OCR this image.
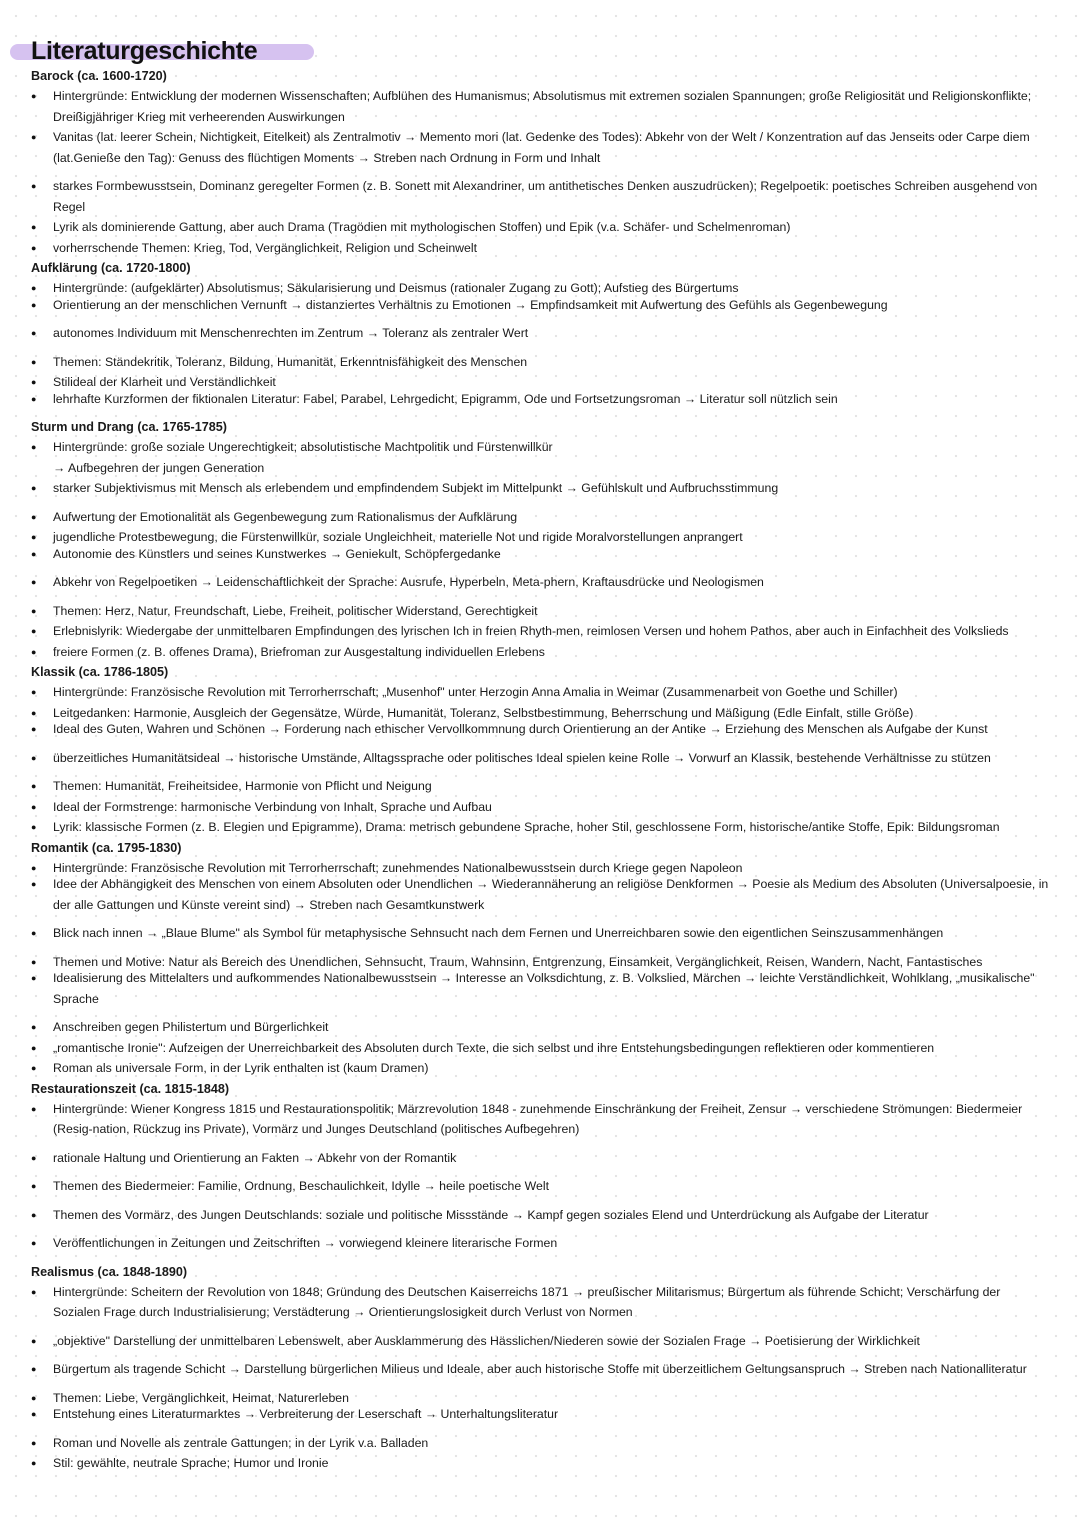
Literaturgeschichte
Barock (ca. 1600-1720)
● Hintergründe: Entwicklung der modernen Wissenschaften; Aufblühen des Humanismus; Absolutismus mit extremen sozialen Spannungen; große Religiosität und Religionskonflikte; Dreißigjähriger Krieg mit verheerenden Auswirkungen
● Vanitas (lat. leerer Schein, Nichtigkeit, Eitelkeit) als Zentralmotiv → Memento mori (lat. Gedenke des Todes): Abkehr von der Welt / Konzentration auf das Jenseits oder Carpe diem (lat.Genieße den Tag): Genuss des flüchtigen Moments → Streben nach Ordnung in Form und Inhalt
● starkes Formbewusstsein, Dominanz geregelter Formen (z. B. Sonett mit Alexandriner, um antithetisches Denken auszudrücken); Regelpoetik: poetisches Schreiben ausgehend von Regel
● Lyrik als dominierende Gattung, aber auch Drama (Tragödien mit mythologischen Stoffen) und Epik (v.a. Schäfer- und Schelmenroman)
● vorherrschende Themen: Krieg, Tod, Vergänglichkeit, Religion und Scheinwelt
Aufklärung (ca. 1720-1800)
● Hintergründe: (aufgeklärter) Absolutismus; Säkularisierung und Deismus (rationaler Zugang zu Gott); Aufstieg des Bürgertums
● Orientierung an der menschlichen Vernunft → distanziertes Verhältnis zu Emotionen → Empfindsamkeit mit Aufwertung des Gefühls als Gegenbewegung
● autonomes Individuum mit Menschenrechten im Zentrum → Toleranz als zentraler Wert
● Themen: Ständekritik, Toleranz, Bildung, Humanität, Erkenntnisfähigkeit des Menschen
● Stilideal der Klarheit und Verständlichkeit
● lehrhafte Kurzformen der fiktionalen Literatur: Fabel, Parabel, Lehrgedicht, Epigramm, Ode und Fortsetzungsroman → Literatur soll nützlich sein
Sturm und Drang (ca. 1765-1785)
● Hintergründe: große soziale Ungerechtigkeit; absolutistische Machtpolitik und Fürstenwillkür
→ Aufbegehren der jungen Generation
● starker Subjektivismus mit Mensch als erlebendem und empfindendem Subjekt im Mittelpunkt → Gefühlskult und Aufbruchsstimmung
● Aufwertung der Emotionalität als Gegenbewegung zum Rationalismus der Aufklärung
● jugendliche Protestbewegung, die Fürstenwillkür, soziale Ungleichheit, materielle Not und rigide Moralvorstellungen anprangert
● Autonomie des Künstlers und seines Kunstwerkes → Geniekult, Schöpfergedanke
● Abkehr von Regelpoetiken → Leidenschaftlichkeit der Sprache: Ausrufe, Hyperbeln, Meta-phern, Kraftausdrücke und Neologismen
● Themen: Herz, Natur, Freundschaft, Liebe, Freiheit, politischer Widerstand, Gerechtigkeit
● Erlebnislyrik: Wiedergabe der unmittelbaren Empfindungen des lyrischen Ich in freien Rhyth-men, reimlosen Versen und hohem Pathos, aber auch in Einfachheit des Volkslieds
● freiere Formen (z. B. offenes Drama), Briefroman zur Ausgestaltung individuellen Erlebens
Klassik (ca. 1786-1805)
● Hintergründe: Französische Revolution mit Terrorherrschaft; „Musenhof" unter Herzogin Anna Amalia in Weimar (Zusammenarbeit von Goethe und Schiller)
● Leitgedanken: Harmonie, Ausgleich der Gegensätze, Würde, Humanität, Toleranz, Selbstbestimmung, Beherrschung und Mäßigung (Edle Einfalt, stille Größe)
● Ideal des Guten, Wahren und Schönen → Forderung nach ethischer Vervollkommnung durch Orientierung an der Antike → Erziehung des Menschen als Aufgabe der Kunst
● überzeitliches Humanitätsideal → historische Umstände, Alltagssprache oder politisches Ideal spielen keine Rolle → Vorwurf an Klassik, bestehende Verhältnisse zu stützen
● Themen: Humanität, Freiheitsidee, Harmonie von Pflicht und Neigung
● Ideal der Formstrenge: harmonische Verbindung von Inhalt, Sprache und Aufbau
● Lyrik: klassische Formen (z. B. Elegien und Epigramme), Drama: metrisch gebundene Sprache, hoher Stil, geschlossene Form, historische/antike Stoffe, Epik: Bildungsroman
Romantik (ca. 1795-1830)
● Hintergründe: Französische Revolution mit Terrorherrschaft; zunehmendes Nationalbewusstsein durch Kriege gegen Napoleon
● Idee der Abhängigkeit des Menschen von einem Absoluten oder Unendlichen → Wiederannäherung an religiöse Denkformen → Poesie als Medium des Absoluten (Universalpoesie, in der alle Gattungen und Künste vereint sind) → Streben nach Gesamtkunstwerk
● Blick nach innen → „Blaue Blume" als Symbol für metaphysische Sehnsucht nach dem Fernen und Unerreichbaren sowie den eigentlichen Seinszusammenhängen
● Themen und Motive: Natur als Bereich des Unendlichen, Sehnsucht, Traum, Wahnsinn, Entgrenzung, Einsamkeit, Vergänglichkeit, Reisen, Wandern, Nacht, Fantastisches
● Idealisierung des Mittelalters und aufkommendes Nationalbewusstsein → Interesse an Volksdichtung, z. B. Volkslied, Märchen → leichte Verständlichkeit, Wohlklang, „musikalische" Sprache
● Anschreiben gegen Philistertum und Bürgerlichkeit
● „romantische Ironie": Aufzeigen der Unerreichbarkeit des Absoluten durch Texte, die sich selbst und ihre Entstehungsbedingungen reflektieren oder kommentieren
● Roman als universale Form, in der Lyrik enthalten ist (kaum Dramen)
Restaurationszeit (ca. 1815-1848)
● Hintergründe: Wiener Kongress 1815 und Restaurationspolitik; Märzrevolution 1848 - zunehmende Einschränkung der Freiheit, Zensur → verschiedene Strömungen: Biedermeier (Resig-nation, Rückzug ins Private), Vormärz und Junges Deutschland (politisches Aufbegehren)
● rationale Haltung und Orientierung an Fakten → Abkehr von der Romantik
● Themen des Biedermeier: Familie, Ordnung, Beschaulichkeit, Idylle → heile poetische Welt
● Themen des Vormärz, des Jungen Deutschlands: soziale und politische Missstände → Kampf gegen soziales Elend und Unterdrückung als Aufgabe der Literatur
● Veröffentlichungen in Zeitungen und Zeitschriften → vorwiegend kleinere literarische Formen
Realismus (ca. 1848-1890)
● Hintergründe: Scheitern der Revolution von 1848; Gründung des Deutschen Kaiserreichs 1871 → preußischer Militarismus; Bürgertum als führende Schicht; Verschärfung der Sozialen Frage durch Industrialisierung; Verstädterung → Orientierungslosigkeit durch Verlust von Normen
● „objektive" Darstellung der unmittelbaren Lebenswelt, aber Ausklammerung des Hässlichen/Niederen sowie der Sozialen Frage → Poetisierung der Wirklichkeit
● Bürgertum als tragende Schicht → Darstellung bürgerlichen Milieus und Ideale, aber auch historische Stoffe mit überzeitlichem Geltungsanspruch → Streben nach Nationalliteratur
● Themen: Liebe, Vergänglichkeit, Heimat, Naturerleben
● Entstehung eines Literaturmarktes → Verbreiterung der Leserschaft → Unterhaltungsliteratur
● Roman und Novelle als zentrale Gattungen; in der Lyrik v.a. Balladen
● Stil: gewählte, neutrale Sprache; Humor und Ironie
